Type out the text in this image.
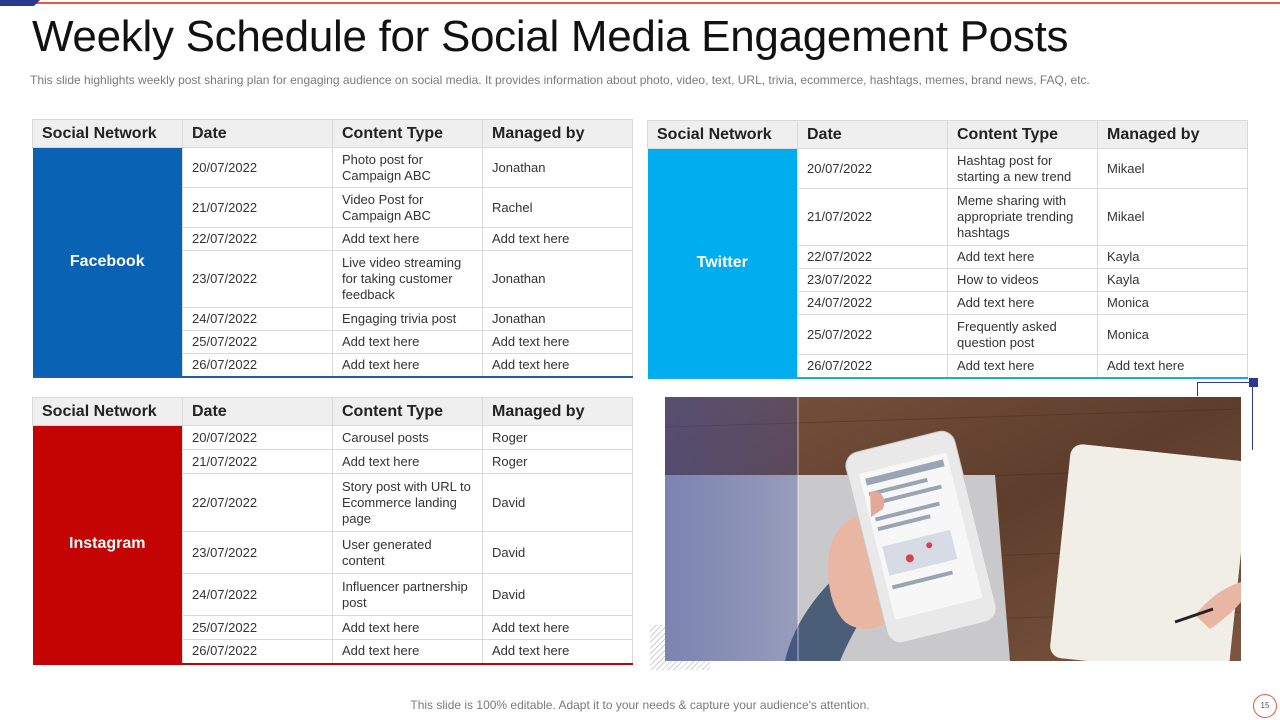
Weekly Schedule for Social Media Engagement Posts

This slide highlights weekly post sharing plan for engaging audience on social media. It provides information about photo, video, text, URL, trivia, ecommerce, hashtags, memes, brand news, FAQ, etc.

Social Network	Date	Content Type	Managed by
Facebook	20/07/2022	Photo post for Campaign ABC	Jonathan
	21/07/2022	Video Post for Campaign ABC	Rachel
	22/07/2022	Add text here	Add text here
	23/07/2022	Live video streaming for taking customer feedback	Jonathan
	24/07/2022	Engaging trivia post	Jonathan
	25/07/2022	Add text here	Add text here
	26/07/2022	Add text here	Add text here
Social Network	Date	Content Type	Managed by
Twitter	20/07/2022	Hashtag post for starting a new trend	Mikael
	21/07/2022	Meme sharing with appropriate trending hashtags	Mikael
	22/07/2022	Add text here	Kayla
	23/07/2022	How to videos	Kayla
	24/07/2022	Add text here	Monica
	25/07/2022	Frequently asked question post	Monica
	26/07/2022	Add text here	Add text here
Social Network	Date	Content Type	Managed by
Instagram	20/07/2022	Carousel posts	Roger
	21/07/2022	Add text here	Roger
	22/07/2022	Story post with URL to Ecommerce landing page	David
	23/07/2022	User generated content	David
	24/07/2022	Influencer partnership post	David
	25/07/2022	Add text here	Add text here
	26/07/2022	Add text here	Add text here
This slide is 100% editable. Adapt it to your needs & capture your audience's attention.	15
